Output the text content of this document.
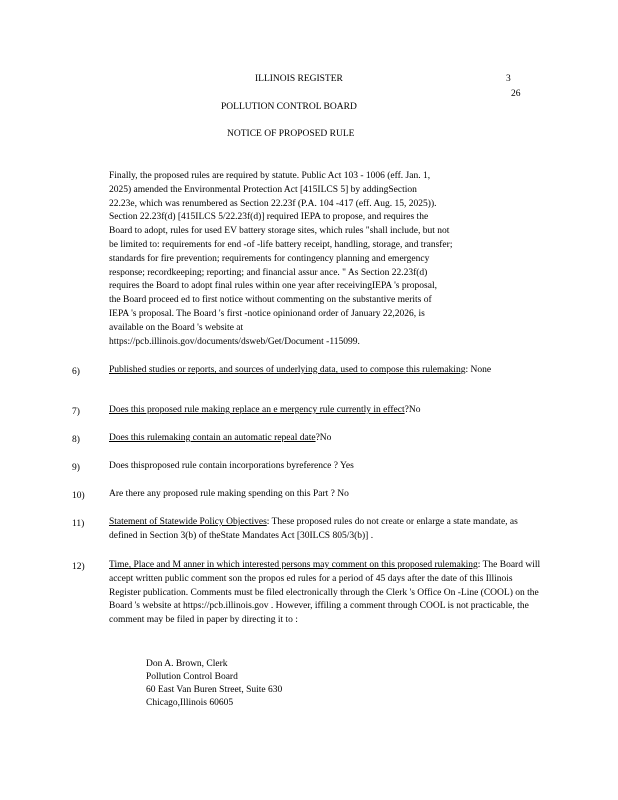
ILLINOIS REGISTER	3
26
POLLUTION CONTROL BOARD
NOTICE OF PROPOSED RULE
Finally, the proposed rules are required by statute. Public Act 103 - 1006 (eff. Jan. 1,
2025) amended the Environmental Protection Act [415ILCS 5] by addingSection
22.23e, which was renumbered as Section 22.23f (P.A. 104 -417 (eff. Aug. 15, 2025)).
Section 22.23f(d) [415ILCS 5/22.23f(d)] required IEPA to propose, and requires the
Board to adopt, rules for used EV battery storage sites, which rules "shall include, but not
be limited to: requirements for end -of -life battery receipt, handling, storage, and transfer;
standards for fire prevention; requirements for contingency planning and emergency
response; recordkeeping; reporting; and financial assur ance. " As Section 22.23f(d)
requires the Board to adopt final rules within one year after receivingIEPA 's proposal,
the Board proceed ed to first notice without commenting on the substantive merits of
IEPA 's proposal. The Board 's first -notice opinionand order of January 22,2026, is
available on the Board 's website at
https://pcb.illinois.gov/documents/dsweb/Get/Document -115099.
6)	Published studies or reports, and sources of underlying data, used to compose this rulemaking: None
7)	Does this proposed rule making replace an e mergency rule currently in effect?No
8)	Does this rulemaking contain an automatic repeal date?No
9)	Does thisproposed rule contain incorporations byreference ? Yes
10)	Are there any proposed rule making spending on this Part ? No
11)	Statement of Statewide Policy Objectives: These proposed rules do not create or enlarge a state mandate, as defined in Section 3(b) of theState Mandates Act [30ILCS 805/3(b)] .
12)	Time, Place and M anner in which interested persons may comment on this proposed rulemaking: The Board will accept written public comment son the propos ed rules for a period of 45 days after the date of this Illinois Register publication. Comments must be filed electronically through the Clerk 's Office On -Line (COOL) on the Board 's website at https://pcb.illinois.gov . However, iffiling a comment through COOL is not practicable, the comment may be filed in paper by directing it to :
Don A. Brown, Clerk
Pollution Control Board
60 East Van Buren Street, Suite 630
Chicago,Illinois 60605
